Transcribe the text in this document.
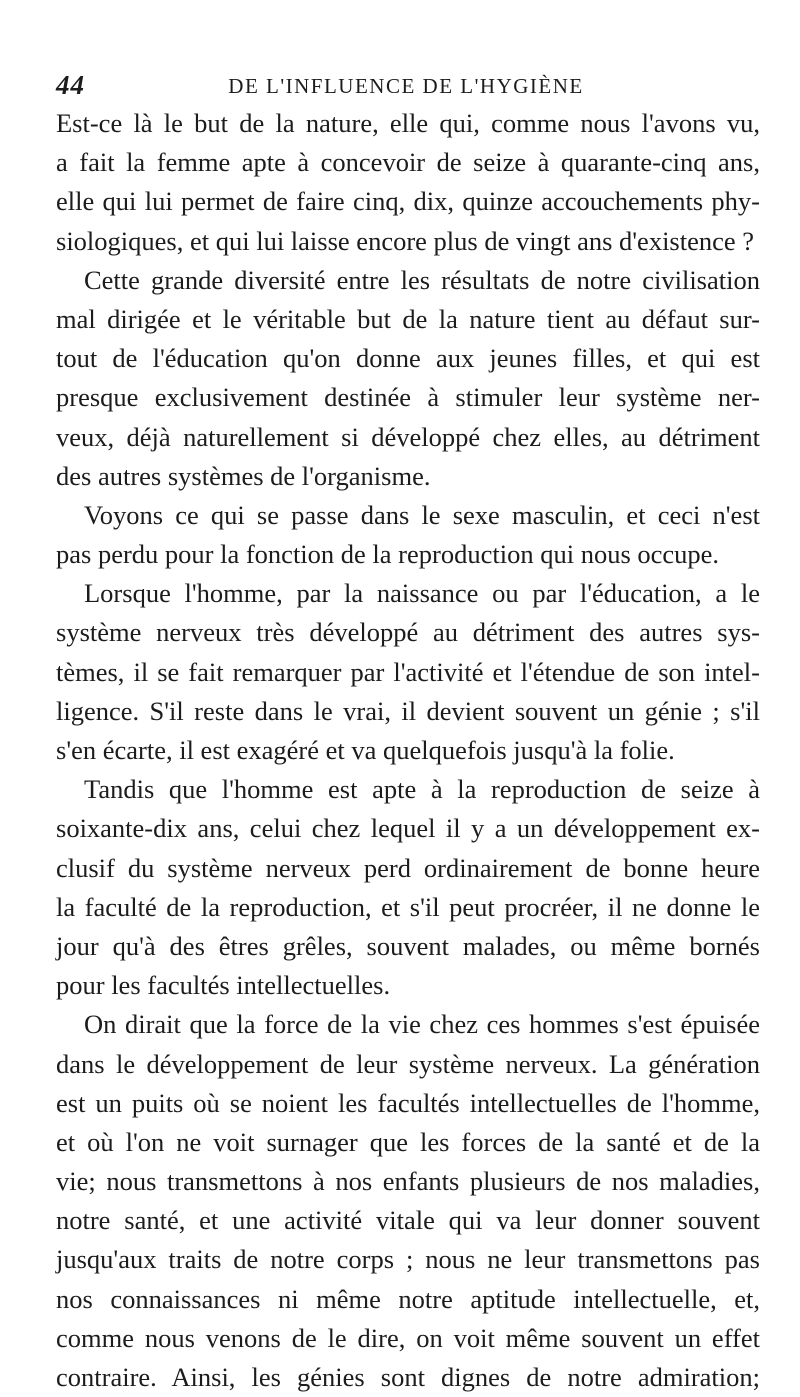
44	DE L'INFLUENCE DE L'HYGIÈNE
Est-ce là le but de la nature, elle qui, comme nous l'avons vu,
a fait la femme apte à concevoir de seize à quarante-cinq ans,
elle qui lui permet de faire cinq, dix, quinze accouchements phy-
siologiques, et qui lui laisse encore plus de vingt ans d'existence ?
Cette grande diversité entre les résultats de notre civilisation
mal dirigée et le véritable but de la nature tient au défaut sur-
tout de l'éducation qu'on donne aux jeunes filles, et qui est
presque exclusivement destinée à stimuler leur système ner-
veux, déjà naturellement si développé chez elles, au détriment
des autres systèmes de l'organisme.
Voyons ce qui se passe dans le sexe masculin, et ceci n'est
pas perdu pour la fonction de la reproduction qui nous occupe.
Lorsque l'homme, par la naissance ou par l'éducation, a le
système nerveux très développé au détriment des autres sys-
tèmes, il se fait remarquer par l'activité et l'étendue de son intel-
ligence. S'il reste dans le vrai, il devient souvent un génie ; s'il
s'en écarte, il est exagéré et va quelquefois jusqu'à la folie.
Tandis que l'homme est apte à la reproduction de seize à
soixante-dix ans, celui chez lequel il y a un développement ex-
clusif du système nerveux perd ordinairement de bonne heure
la faculté de la reproduction, et s'il peut procréer, il ne donne le
jour qu'à des êtres grêles, souvent malades, ou même bornés
pour les facultés intellectuelles.
On dirait que la force de la vie chez ces hommes s'est épuisée
dans le développement de leur système nerveux. La génération
est un puits où se noient les facultés intellectuelles de l'homme,
et où l'on ne voit surnager que les forces de la santé et de la
vie; nous transmettons à nos enfants plusieurs de nos maladies,
notre santé, et une activité vitale qui va leur donner souvent
jusqu'aux traits de notre corps ; nous ne leur transmettons pas
nos connaissances ni même notre aptitude intellectuelle, et,
comme nous venons de le dire, on voit même souvent un effet
contraire. Ainsi, les génies sont dignes de notre admiration;
